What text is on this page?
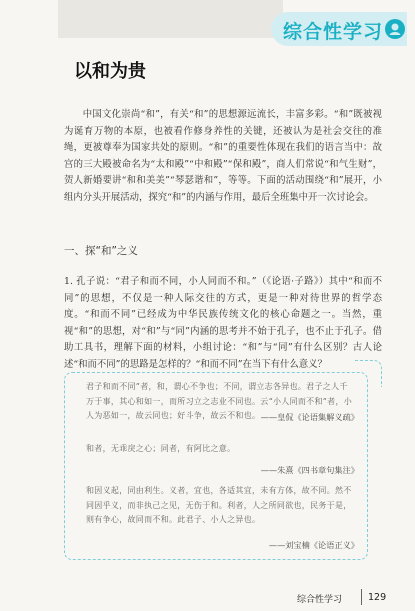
综合性学习
以和为贵
中国文化崇尚“和”，有关“和”的思想源远流长，丰富多彩。“和”既被视为诞育万物的本原，也被看作修身养性的关键，还被认为是社会交往的准绳，更被尊奉为国家共处的原则。“和”的重要性体现在我们的语言当中：故宫的三大殿被命名为“太和殿”“中和殿”“保和殿”，商人们常说“和气生财”，贺人新婚要讲“和和美美”“琴瑟谐和”，等等。下面的活动围绕“和”展开，小组内分头开展活动，探究“和”的内涵与作用，最后全班集中开一次讨论会。
一、探“和”之义
1. 孔子说：“君子和而不同，小人同而不和。”（《论语·子路》）其中“和而不同”的思想，不仅是一种人际交往的方式，更是一种对待世界的哲学态度。“和而不同”已经成为中华民族传统文化的核心命题之一。当然，重视“和”的思想，对“和”与“同”内涵的思考并不始于孔子，也不止于孔子。借助工具书，理解下面的材料，小组讨论：“和”与“同”有什么区别？古人论述“和而不同”的思路是怎样的？“和而不同”在当下有什么意义？
君子和而不同”者，和，谓心不争也；不同，谓立志各异也。君子之人千万于事，其心和如一，而所习立之志业不同也。云“小人同而不和”者，小人为恶如一，故云同也；好斗争，故云不和也。 ——皇侃《论语集解义疏》
和者，无乖戾之心；同者，有阿比之意。
——朱熹《四书章句集注》
和因义起，同由利生。义者，宜也，各适其宜，未有方体，故不同。然不同因乎义，而非执己之见，无伤于和。利者，人之所同欲也，民务于是，则有争心，故同而不和。此君子、小人之异也。
——刘宝楠《论语正义》
综合性学习	129
